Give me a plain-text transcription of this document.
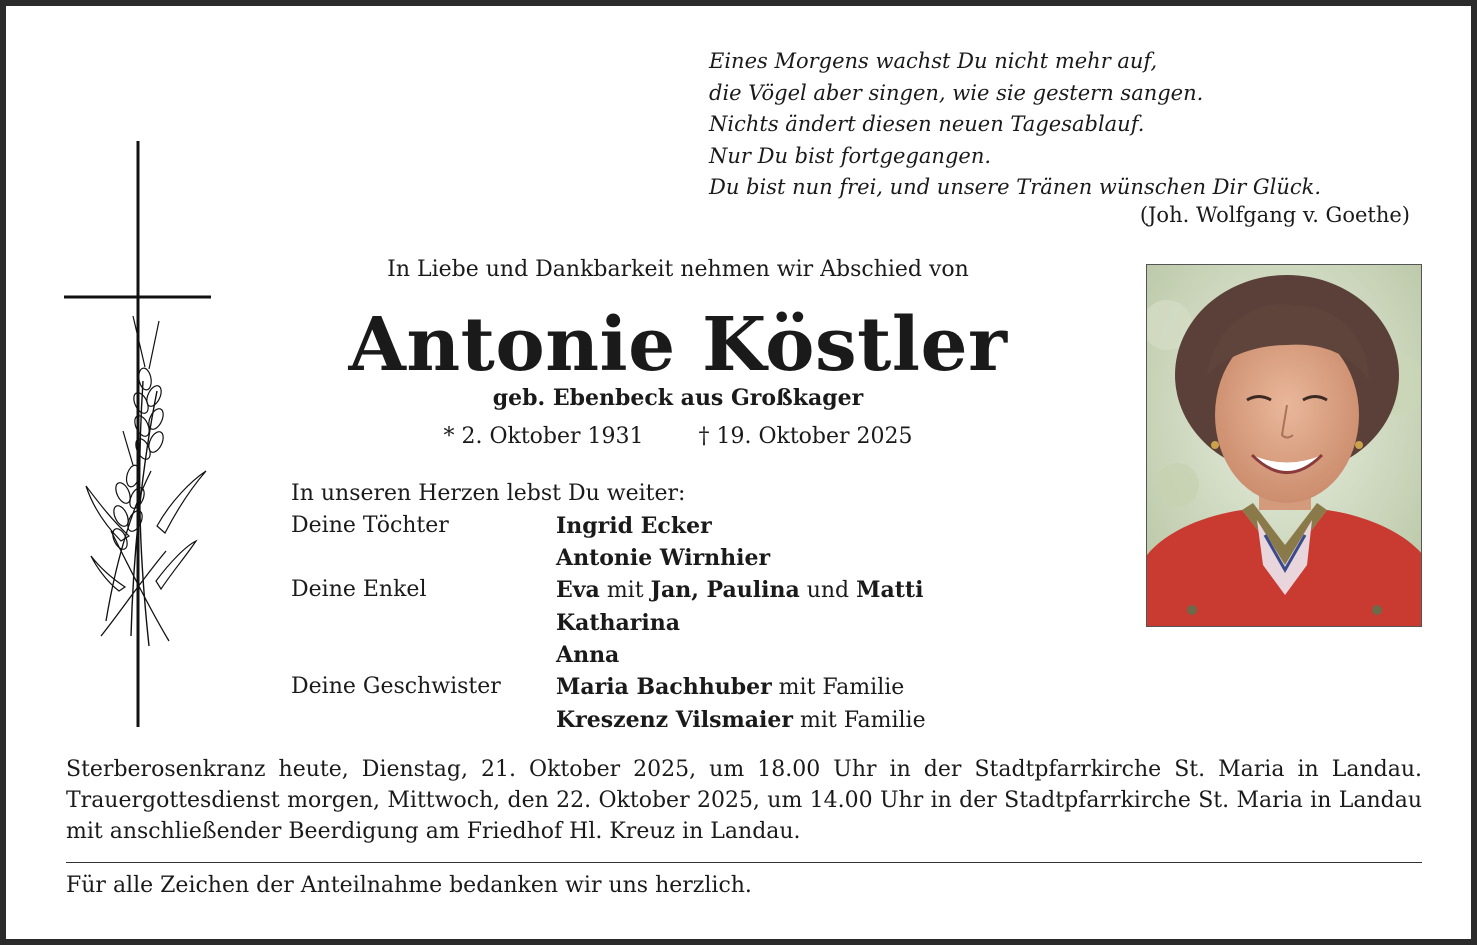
Eines Morgens wachst Du nicht mehr auf,
die Vögel aber singen, wie sie gestern sangen.
Nichts ändert diesen neuen Tagesablauf.
Nur Du bist fortgegangen.
Du bist nun frei, und unsere Tränen wünschen Dir Glück.
(Joh. Wolfgang v. Goethe)
In Liebe und Dankbarkeit nehmen wir Abschied von
Antonie Köstler
geb. Ebenbeck aus Großkager
* 2. Oktober 1931	† 19. Oktober 2025
In unseren Herzen lebst Du weiter:
Deine Töchter	Ingrid Ecker
Antonie Wirnhier
Deine Enkel	Eva mit Jan, Paulina und Matti
Katharina
Anna
Deine Geschwister	Maria Bachhuber mit Familie
Kreszenz Vilsmaier mit Familie
Sterberosenkranz heute, Dienstag, 21. Oktober 2025, um 18.00 Uhr in der Stadtpfarrkirche St. Maria in Landau. Trauergottesdienst morgen, Mittwoch, den 22. Oktober 2025, um 14.00 Uhr in der Stadtpfarrkirche St. Maria in Landau mit anschließender Beerdigung am Friedhof Hl. Kreuz in Landau.
Für alle Zeichen der Anteilnahme bedanken wir uns herzlich.
